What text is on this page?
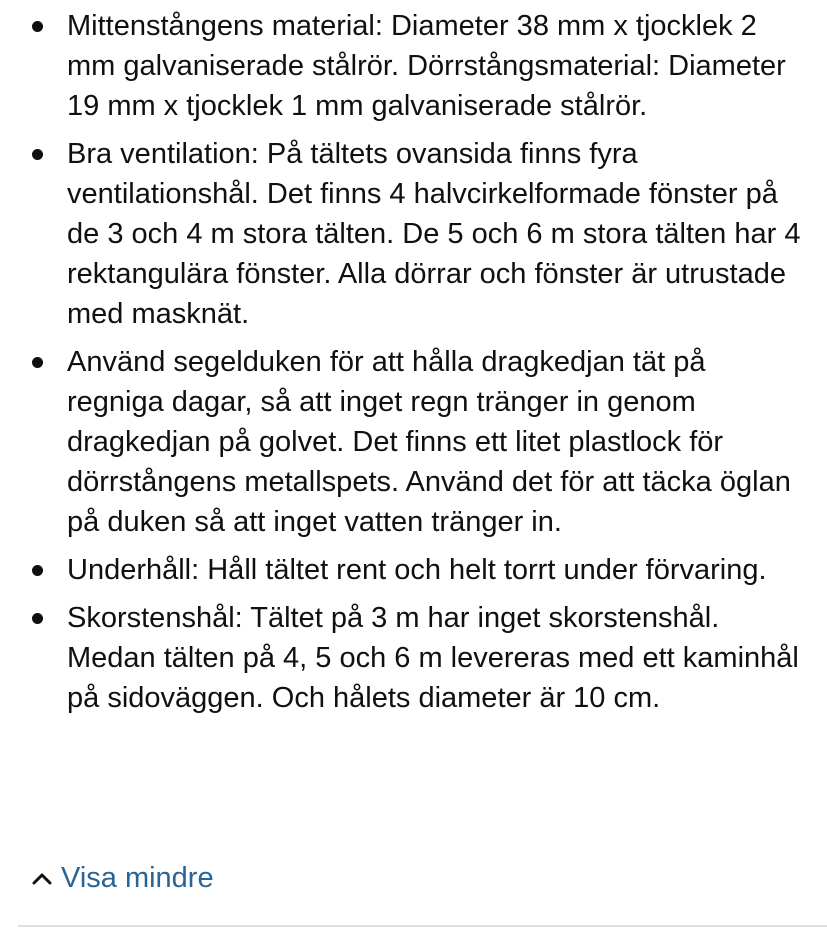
Mittenstångens material: Diameter 38 mm x tjocklek 2 mm galvaniserade stålrör. Dörrstångsmaterial: Diameter 19 mm x tjocklek 1 mm galvaniserade stålrör.
Bra ventilation: På tältets ovansida finns fyra ventilationshål. Det finns 4 halvcirkelformade fönster på de 3 och 4 m stora tälten. De 5 och 6 m stora tälten har 4 rektangulära fönster. Alla dörrar och fönster är utrustade med masknät.
Använd segelduken för att hålla dragkedjan tät på regniga dagar, så att inget regn tränger in genom dragkedjan på golvet. Det finns ett litet plastlock för dörrstångens metallspets. Använd det för att täcka öglan på duken så att inget vatten tränger in.
Underhåll: Håll tältet rent och helt torrt under förvaring.
Skorstenshål: Tältet på 3 m har inget skorstenshål. Medan tälten på 4, 5 och 6 m levereras med ett kaminhål på sidoväggen. Och hålets diameter är 10 cm.
Visa mindre
